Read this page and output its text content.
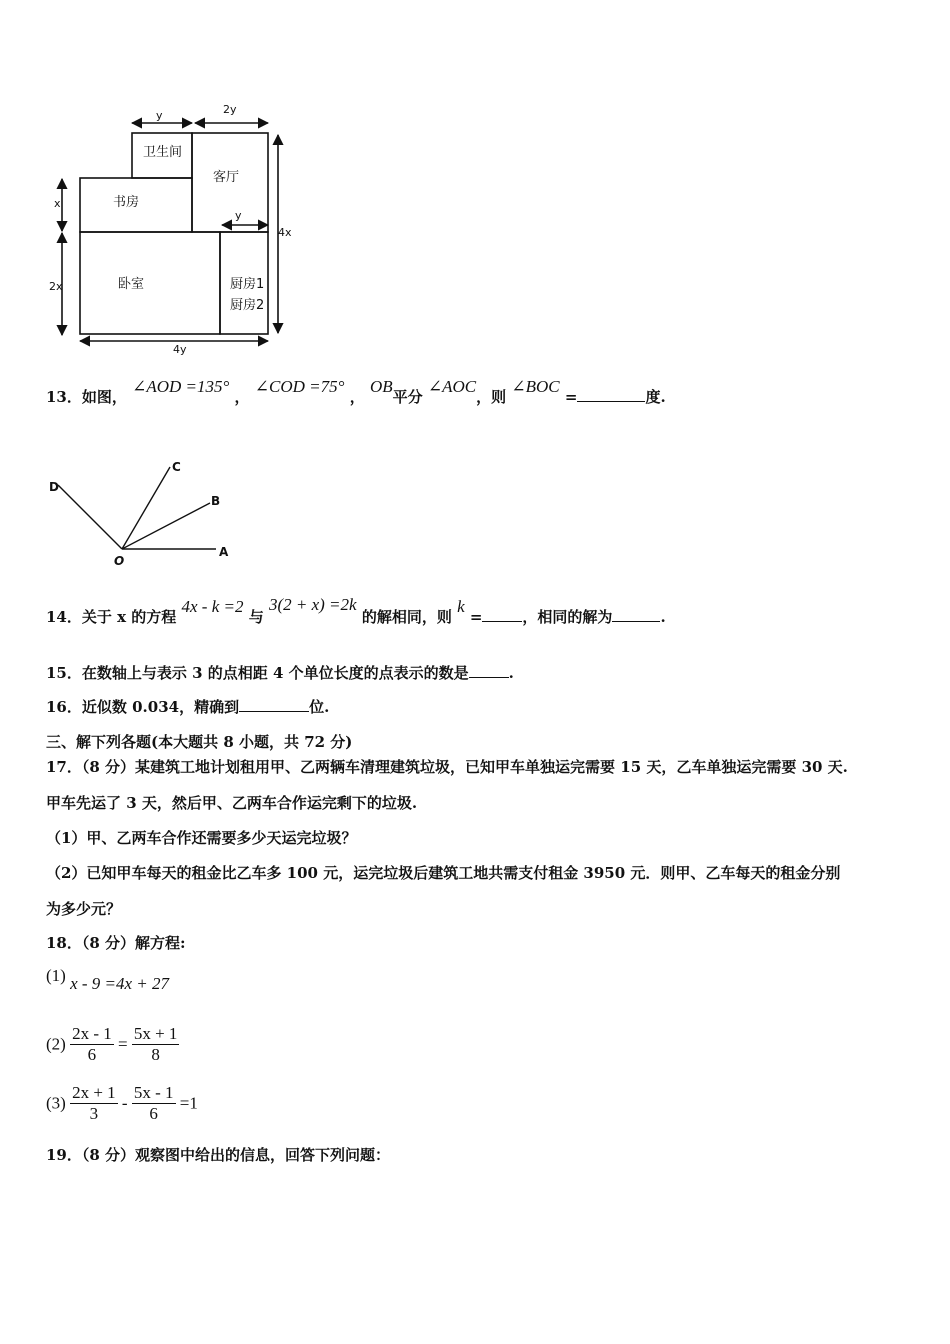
卫生间
客厅
书房
卧室	厨房1
厨房2
y	2y
x
2x
4x
y
4y
13．如图， ∠AOD =135° ， ∠COD =75° ， OB平分 ∠AOC，则 ∠BOC =	度.
D
C
B
O
A
14．关于 x 的方程 4x - k =2 与 3(2 + x) =2k 的解相同，则 k =	，相同的解为	.
15．在数轴上与表示 3 的点相距 4 个单位长度的点表示的数是	.
16．近似数 0.034，精确到	位.
三、解下列各题(本大题共 8 小题，共 72 分)
17．（8 分）某建筑工地计划租用甲、乙两辆车清理建筑垃圾，已知甲车单独运完需要 15 天，乙车单独运完需要 30 天.
甲车先运了 3 天，然后甲、乙两车合作运完剩下的垃圾.
（1）甲、乙两车合作还需要多少天运完垃圾？
（2）已知甲车每天的租金比乙车多 100 元，运完垃圾后建筑工地共需支付租金 3950 元．则甲、乙车每天的租金分别
为多少元？
18．（8 分）解方程:
(1) x - 9 =4x + 27
$(2) \frac{2x - 1}{6} = \frac{5x + 1}{8}$
$(3) \frac{2x + 1}{3} - \frac{5x - 1}{6} =1$
19．（8 分）观察图中给出的信息，回答下列问题：
